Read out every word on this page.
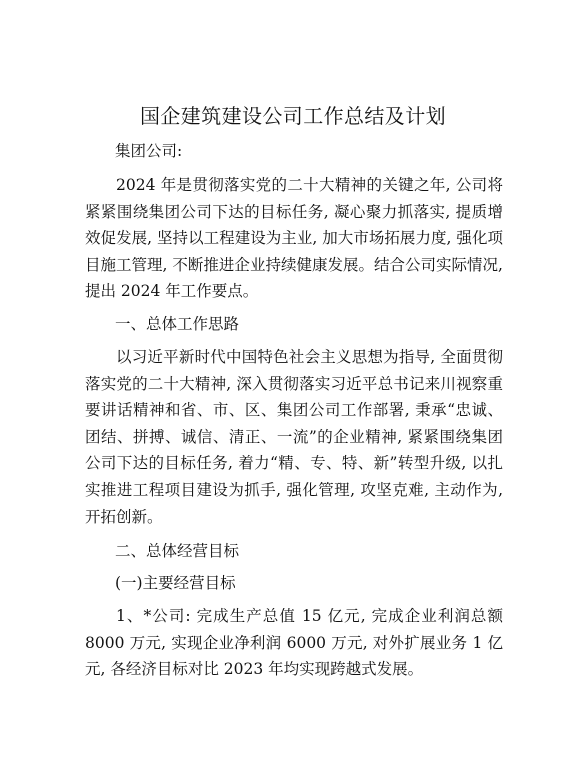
国企建筑建设公司工作总结及计划
集团公司:

2024 年是贯彻落实党的二十大精神的关键之年, 公司将紧紧围绕集团公司下达的目标任务, 凝心聚力抓落实, 提质增效促发展, 坚持以工程建设为主业, 加大市场拓展力度, 强化项目施工管理, 不断推进企业持续健康发展。结合公司实际情况, 提出 2024 年工作要点。

一、总体工作思路

以习近平新时代中国特色社会主义思想为指导, 全面贯彻落实党的二十大精神, 深入贯彻落实习近平总书记来川视察重要讲话精神和省、市、区、集团公司工作部署, 秉承“忠诚、团结、拼搏、诚信、清正、一流”的企业精神, 紧紧围绕集团公司下达的目标任务, 着力“精、专、特、新”转型升级, 以扎实推进工程项目建设为抓手, 强化管理, 攻坚克难, 主动作为, 开拓创新。

二、总体经营目标
(一)主要经营目标

1、*公司: 完成生产总值 15 亿元, 完成企业利润总额 8000 万元, 实现企业净利润 6000 万元, 对外扩展业务 1 亿元, 各经济目标对比 2023 年均实现跨越式发展。
